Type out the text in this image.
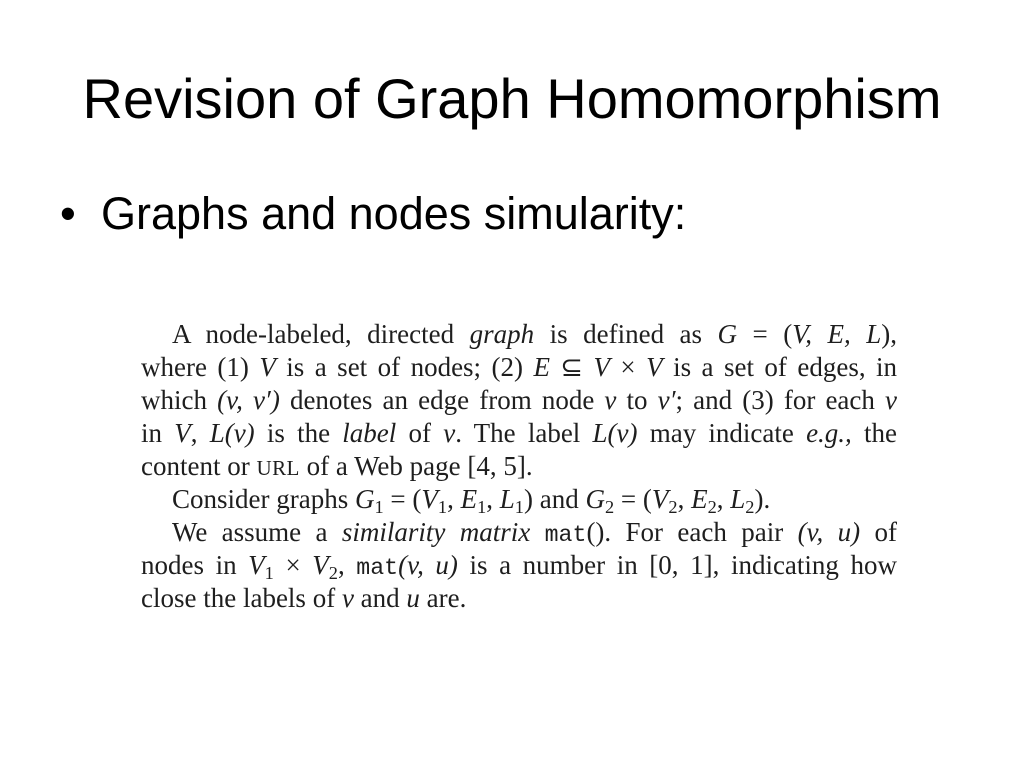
Revision of Graph Homomorphism
• Graphs and nodes simularity:
A node-labeled, directed graph is defined as G = (V, E, L),
where (1) V is a set of nodes; (2) E ⊆ V × V is a set of edges, in
which (v, v′) denotes an edge from node v to v′; and (3) for each v
in V, L(v) is the label of v. The label L(v) may indicate e.g., the
content or URL of a Web page [4, 5].
Consider graphs $G_1 = (V_1$, $E_1$, $L_1$) and $G_2 = (V_2$, $E_2$, $L_2$).
We assume a similarity matrix mat(). For each pair (v, u) of
nodes in $V_1 \times V_2$, mat(v, u) is a number in [0, 1], indicating how
close the labels of v and u are.
